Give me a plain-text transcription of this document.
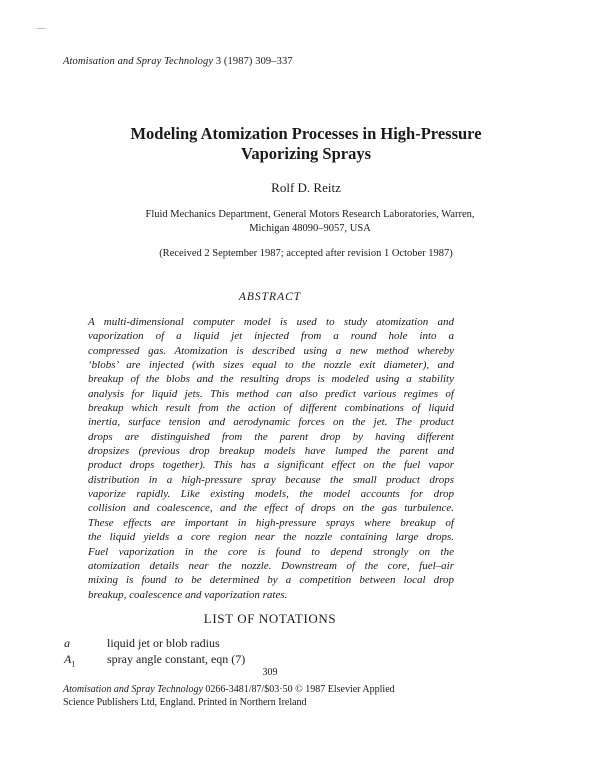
Atomisation and Spray Technology 3 (1987) 309–337
Modeling Atomization Processes in High-Pressure
Vaporizing Sprays
Rolf D. Reitz
Fluid Mechanics Department, General Motors Research Laboratories, Warren,
Michigan 48090–9057, USA
(Received 2 September 1987; accepted after revision 1 October 1987)
ABSTRACT
A multi-dimensional computer model is used to study atomization and
vaporization of a liquid jet injected from a round hole into a
compressed gas. Atomization is described using a new method whereby
‘blobs’ are injected (with sizes equal to the nozzle exit diameter), and
breakup of the blobs and the resulting drops is modeled using a stability
analysis for liquid jets. This method can also predict various regimes of
breakup which result from the action of different combinations of liquid
inertia, surface tension and aerodynamic forces on the jet. The product
drops are distinguished from the parent drop by having different
dropsizes (previous drop breakup models have lumped the parent and
product drops together). This has a significant effect on the fuel vapor
distribution in a high-pressure spray because the small product drops
vaporize rapidly. Like existing models, the model accounts for drop
collision and coalescence, and the effect of drops on the gas turbulence.
These effects are important in high-pressure sprays where breakup of
the liquid yields a core region near the nozzle containing large drops.
Fuel vaporization in the core is found to depend strongly on the
atomization details near the nozzle. Downstream of the core, fuel–air
mixing is found to be determined by a competition between local drop
breakup, coalescence and vaporization rates.
LIST OF NOTATIONS
a	liquid jet or blob radius
$A_1$	spray angle constant, eqn (7)
309
Atomisation and Spray Technology 0266-3481/87/$03·50 © 1987 Elsevier Applied
Science Publishers Ltd, England. Printed in Northern Ireland
